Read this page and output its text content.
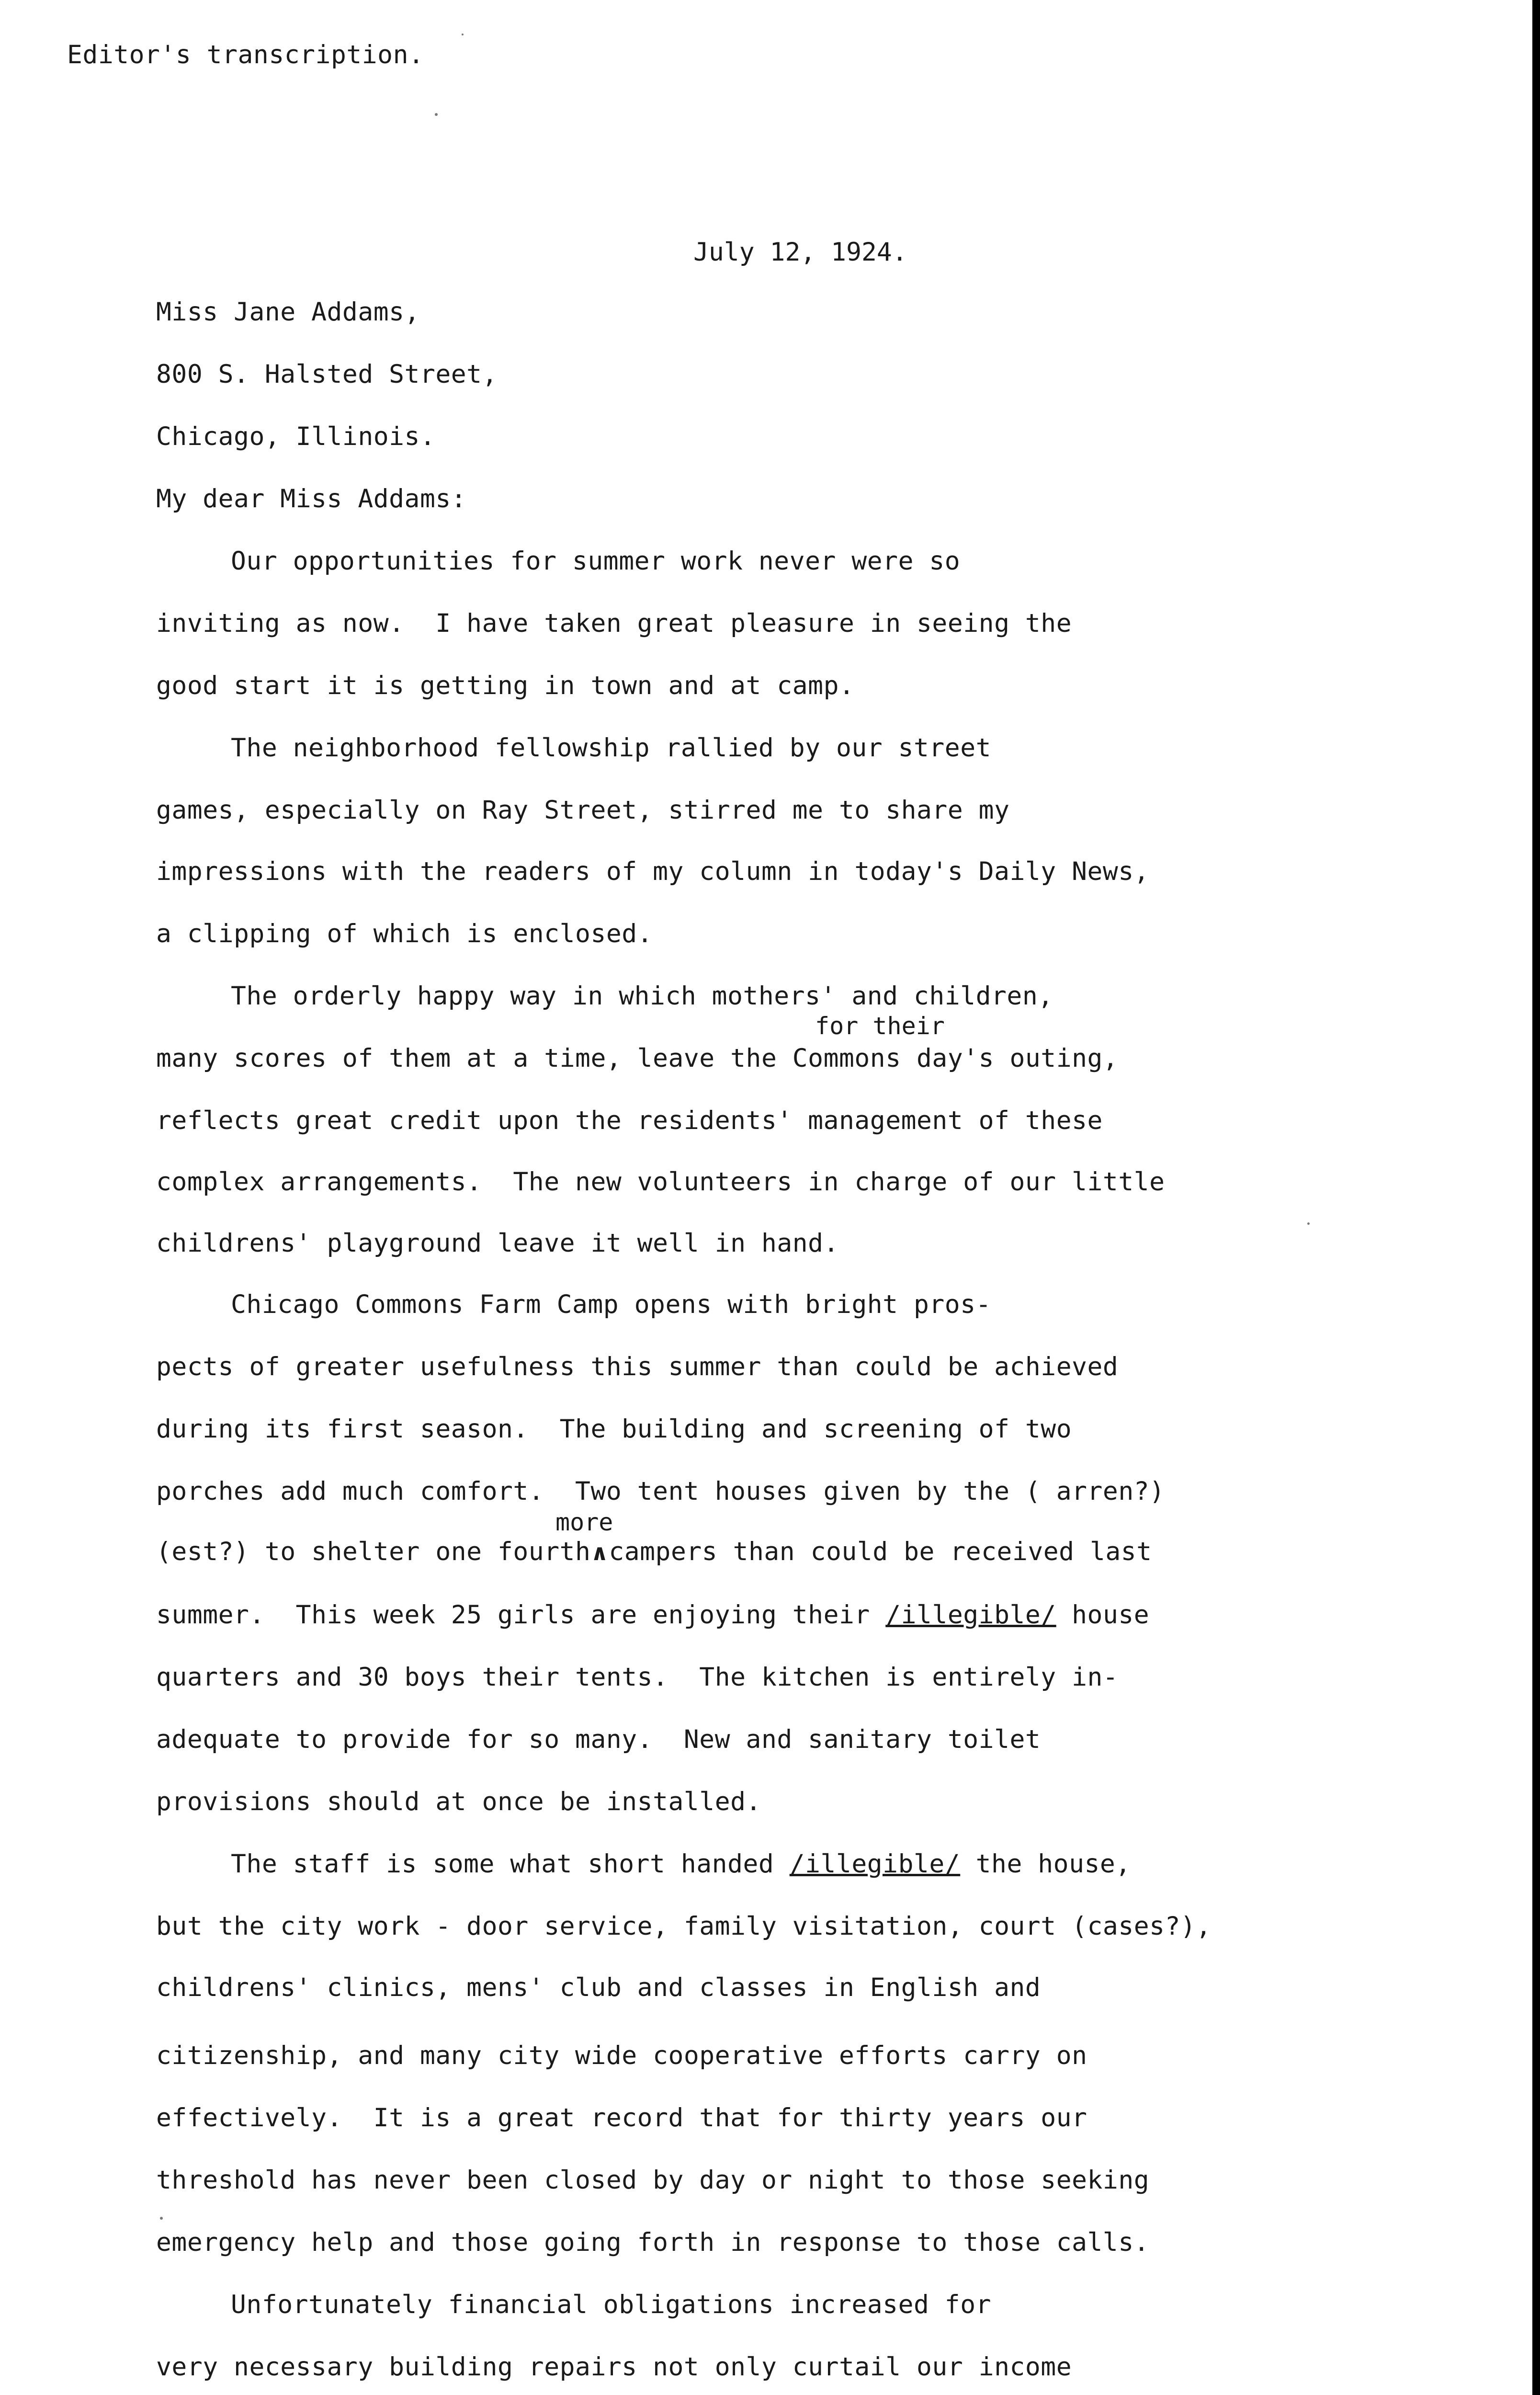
Editor's transcription.
July 12, 1924.
Miss Jane Addams,
800 S. Halsted Street,
Chicago, Illinois.
My dear Miss Addams:
Our opportunities for summer work never were so
inviting as now.  I have taken great pleasure in seeing the
good start it is getting in town and at camp.
The neighborhood fellowship rallied by our street
games, especially on Ray Street, stirred me to share my
impressions with the readers of my column in today's Daily News,
a clipping of which is enclosed.
The orderly happy way in which mothers' and children,
for their
many scores of them at a time, leave the Commons day's outing,
reflects great credit upon the residents' management of these
complex arrangements.  The new volunteers in charge of our little
childrens' playground leave it well in hand.
Chicago Commons Farm Camp opens with bright pros-
pects of greater usefulness this summer than could be achieved
during its first season.  The building and screening of two
porches add much comfort.  Two tent houses given by the ( arren?)
more
(est?) to shelter one fourth∧campers than could be received last
summer.  This week 25 girls are enjoying their /illegible/ house
quarters and 30 boys their tents.  The kitchen is entirely in-
adequate to provide for so many.  New and sanitary toilet
provisions should at once be installed.
The staff is some what short handed /illegible/ the house,
but the city work - door service, family visitation, court (cases?),
childrens' clinics, mens' club and classes in English and
citizenship, and many city wide cooperative efforts carry on
effectively.  It is a great record that for thirty years our
threshold has never been closed by day or night to those seeking
emergency help and those going forth in response to those calls.
Unfortunately financial obligations increased for
very necessary building repairs not only curtail our income
